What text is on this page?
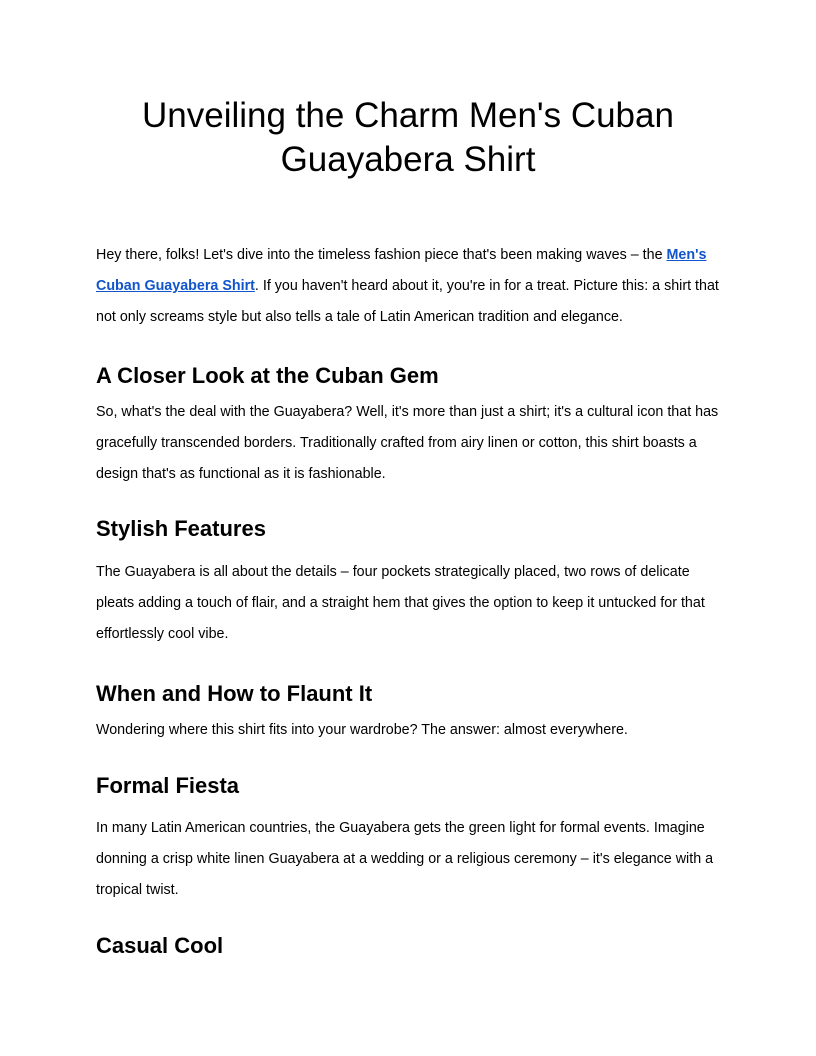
Unveiling the Charm Men's Cuban Guayabera Shirt

Hey there, folks! Let's dive into the timeless fashion piece that's been making waves – the Men's Cuban Guayabera Shirt. If you haven't heard about it, you're in for a treat. Picture this: a shirt that not only screams style but also tells a tale of Latin American tradition and elegance.

A Closer Look at the Cuban Gem

So, what's the deal with the Guayabera? Well, it's more than just a shirt; it's a cultural icon that has gracefully transcended borders. Traditionally crafted from airy linen or cotton, this shirt boasts a design that's as functional as it is fashionable.

Stylish Features

The Guayabera is all about the details – four pockets strategically placed, two rows of delicate pleats adding a touch of flair, and a straight hem that gives the option to keep it untucked for that effortlessly cool vibe.

When and How to Flaunt It

Wondering where this shirt fits into your wardrobe? The answer: almost everywhere.

Formal Fiesta

In many Latin American countries, the Guayabera gets the green light for formal events. Imagine donning a crisp white linen Guayabera at a wedding or a religious ceremony – it's elegance with a tropical twist.

Casual Cool
